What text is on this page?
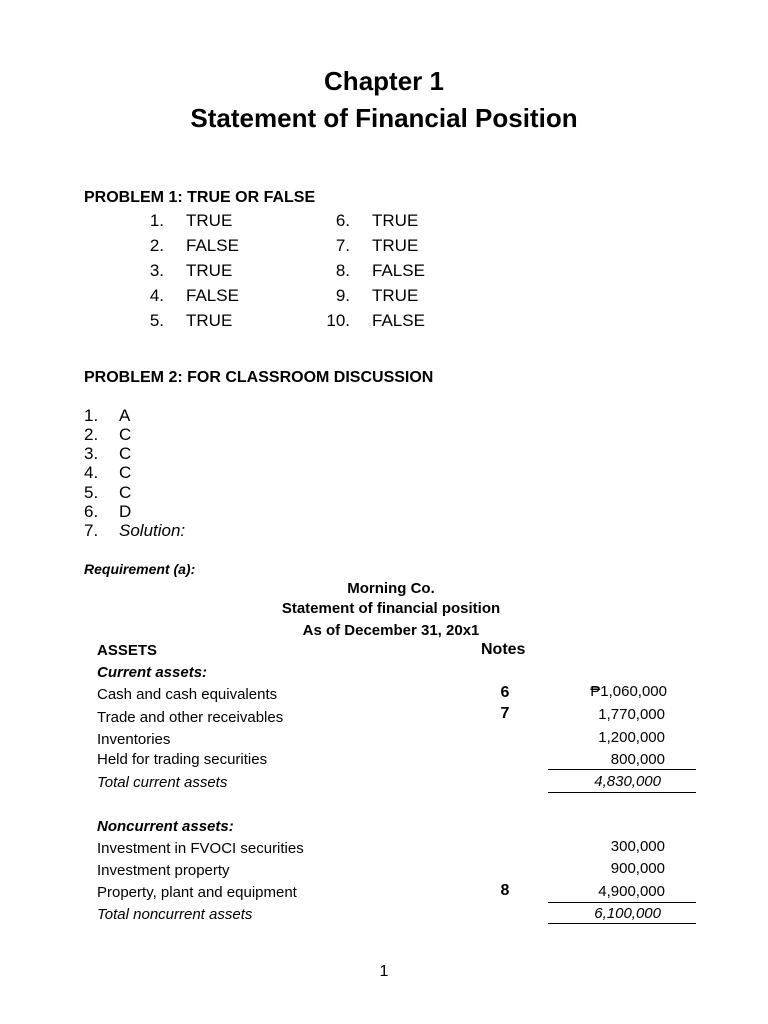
Chapter 1
Statement of Financial Position
PROBLEM 1: TRUE OR FALSE
1. TRUE
2. FALSE
3. TRUE
4. FALSE
5. TRUE
6. TRUE
7. TRUE
8. FALSE
9. TRUE
10. FALSE
PROBLEM 2: FOR CLASSROOM DISCUSSION
1. A
2. C
3. C
4. C
5. C
6. D
7. Solution:
Requirement (a):
Morning Co.
Statement of financial position
As of December 31, 20x1
ASSETS	Notes
Current assets:
Cash and cash equivalents	6	₱1,060,000
Trade and other receivables	7	1,770,000
Inventories	1,200,000
Held for trading securities	800,000
Total current assets	4,830,000
Noncurrent assets:
Investment in FVOCI securities	300,000
Investment property	900,000
Property, plant and equipment	8	4,900,000
Total noncurrent assets	6,100,000
1
